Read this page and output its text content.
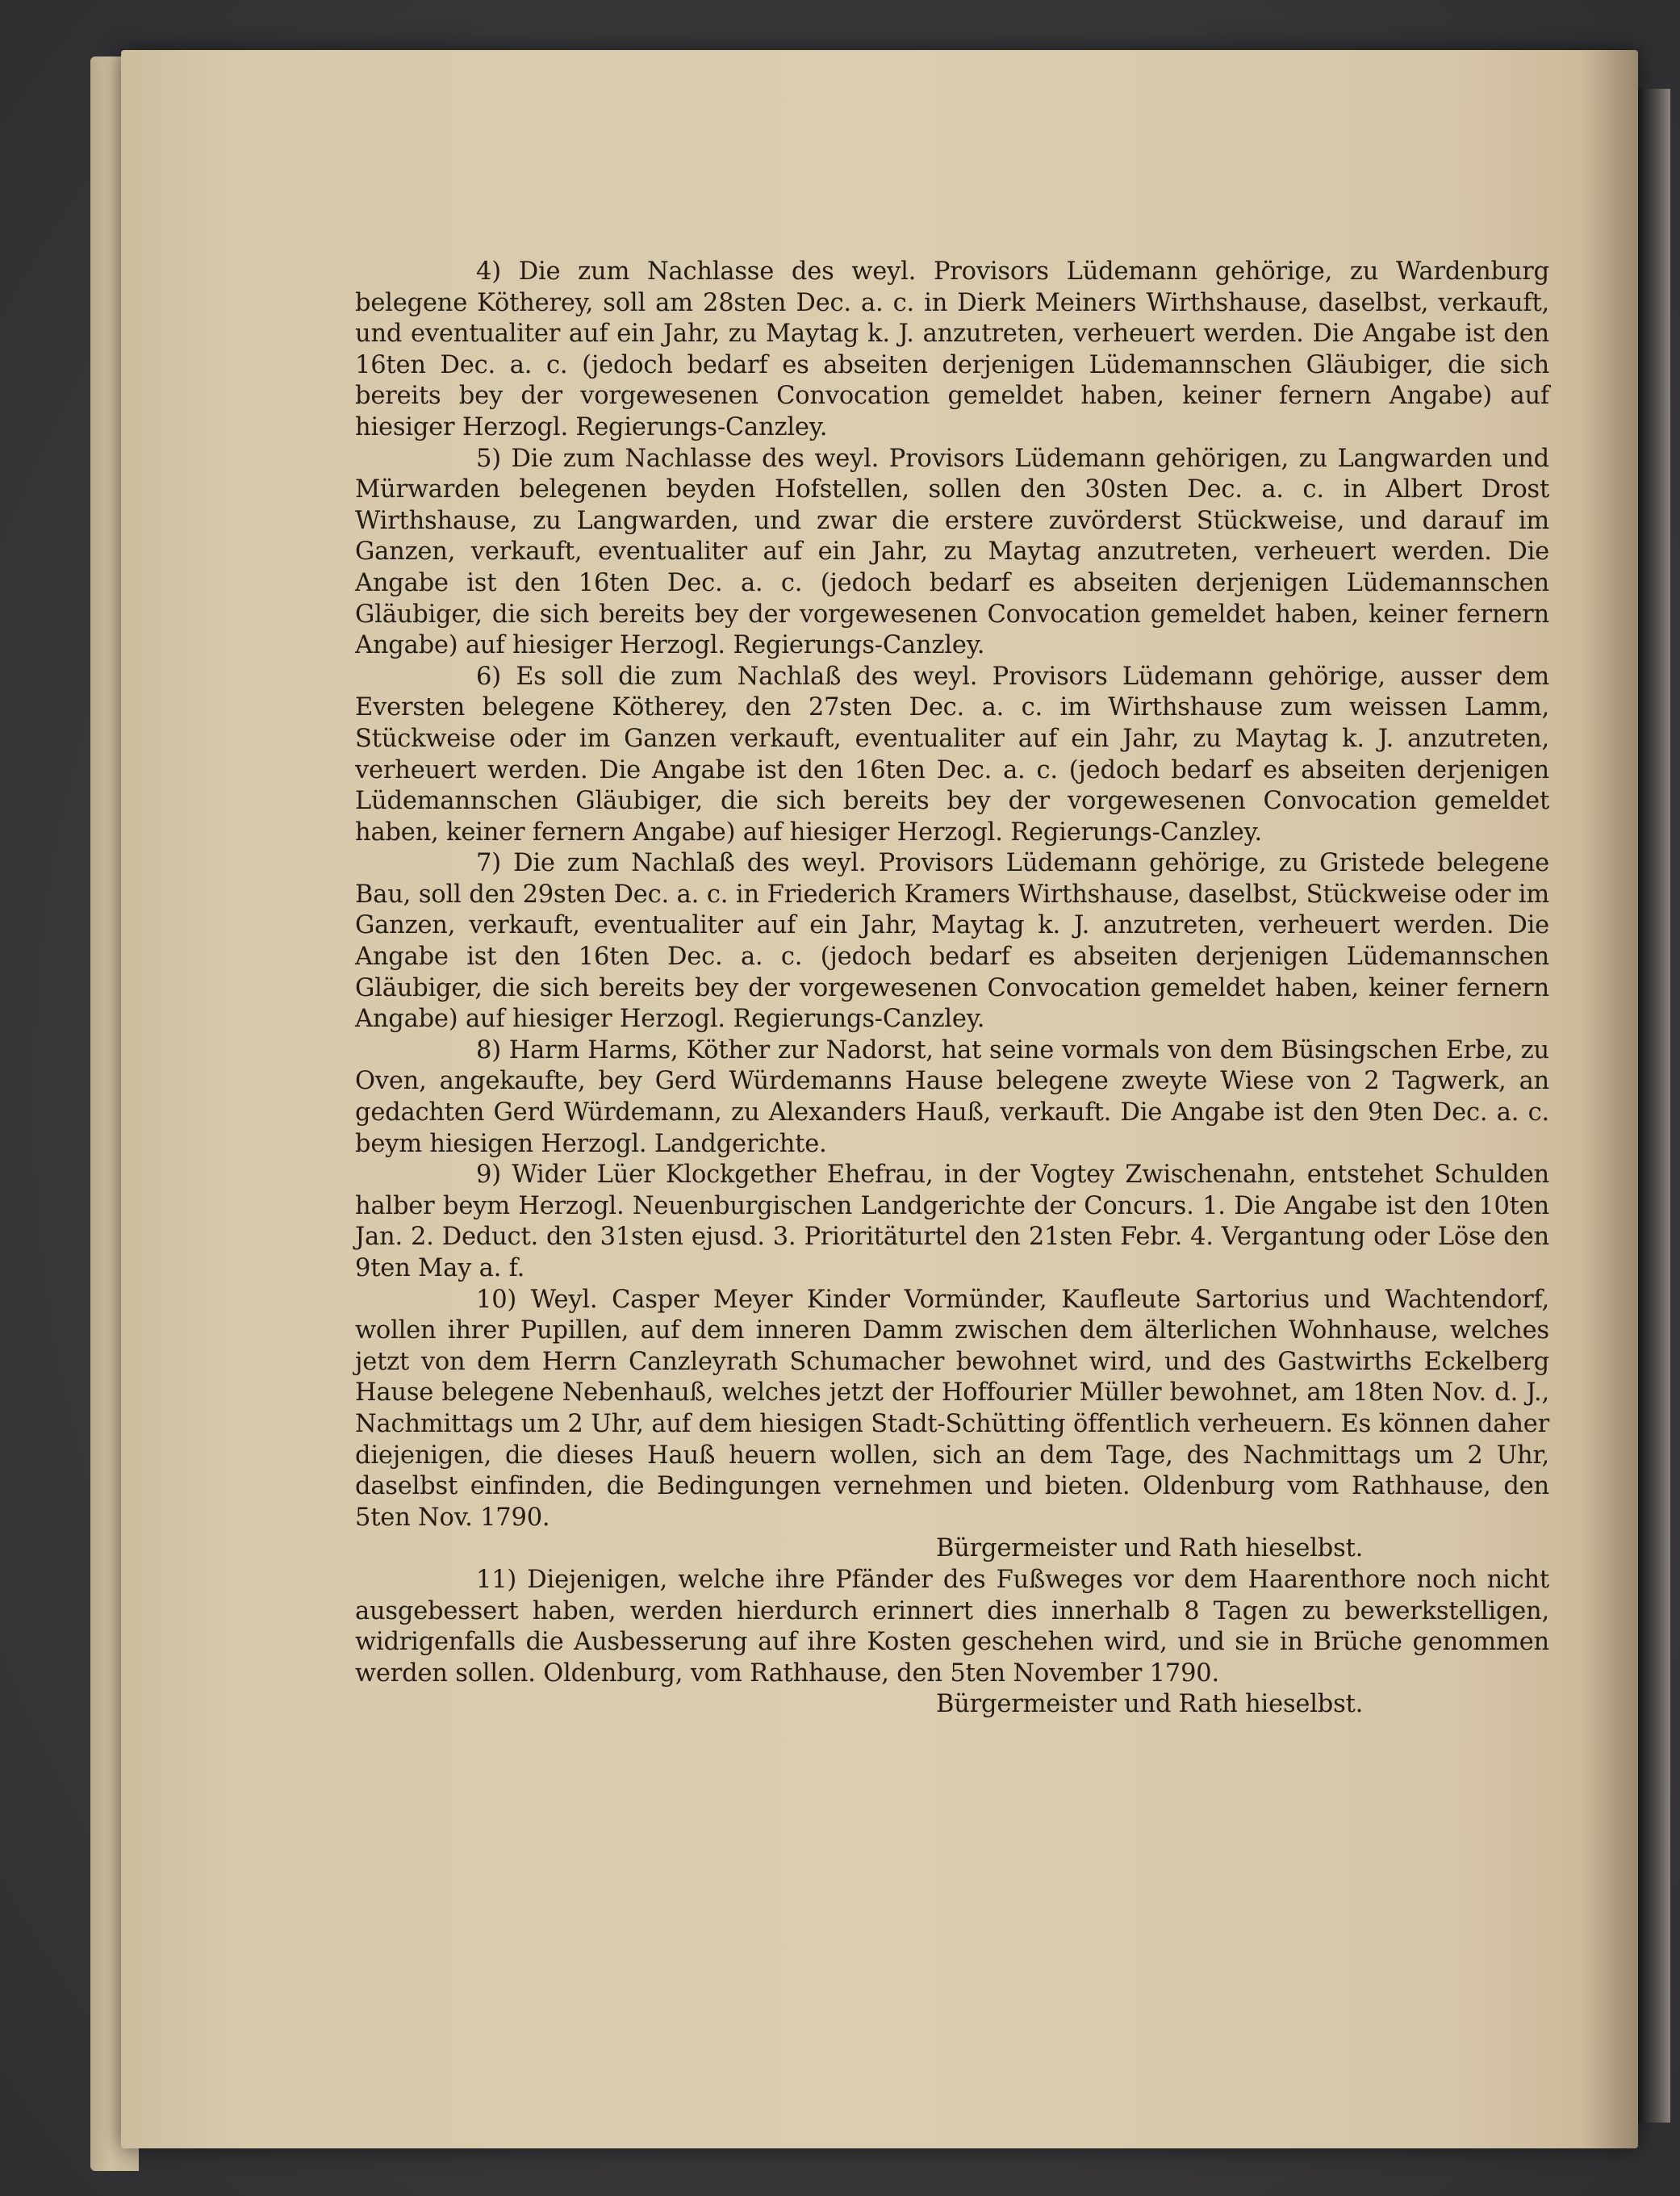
4) Die zum Nachlasse des weyl. Provisors Lüdemann gehörige, zu Wardenburg belegene Kötherey, soll am 28sten Dec. a. c. in Dierk Meiners Wirthshause, daselbst, verkauft, und eventualiter auf ein Jahr, zu Maytag k. J. anzutreten, verheuert werden. Die Angabe ist den 16ten Dec. a. c. (jedoch bedarf es abseiten derjenigen Lüdemannschen Gläubiger, die sich bereits bey der vorgewesenen Convocation gemeldet haben, keiner fernern Angabe) auf hiesiger Herzogl. Regierungs-Canzley.

5) Die zum Nachlasse des weyl. Provisors Lüdemann gehörigen, zu Langwarden und Mürwarden belegenen beyden Hofstellen, sollen den 30sten Dec. a. c. in Albert Drost Wirthshause, zu Langwarden, und zwar die erstere zuvörderst Stückweise, und darauf im Ganzen, verkauft, eventualiter auf ein Jahr, zu Maytag anzutreten, verheuert werden. Die Angabe ist den 16ten Dec. a. c. (jedoch bedarf es abseiten derjenigen Lüdemannschen Gläubiger, die sich bereits bey der vorgewesenen Convocation gemeldet haben, keiner fernern Angabe) auf hiesiger Herzogl. Regierungs-Canzley.

6) Es soll die zum Nachlaß des weyl. Provisors Lüdemann gehörige, ausser dem Eversten belegene Kötherey, den 27sten Dec. a. c. im Wirthshause zum weissen Lamm, Stückweise oder im Ganzen verkauft, eventualiter auf ein Jahr, zu Maytag k. J. anzutreten, verheuert werden. Die Angabe ist den 16ten Dec. a. c. (jedoch bedarf es abseiten derjenigen Lüdemannschen Gläubiger, die sich bereits bey der vorgewesenen Convocation gemeldet haben, keiner fernern Angabe) auf hiesiger Herzogl. Regierungs-Canzley.

7) Die zum Nachlaß des weyl. Provisors Lüdemann gehörige, zu Gristede belegene Bau, soll den 29sten Dec. a. c. in Friederich Kramers Wirthshause, daselbst, Stückweise oder im Ganzen, verkauft, eventualiter auf ein Jahr, Maytag k. J. anzutreten, verheuert werden. Die Angabe ist den 16ten Dec. a. c. (jedoch bedarf es abseiten derjenigen Lüdemannschen Gläubiger, die sich bereits bey der vorgewesenen Convocation gemeldet haben, keiner fernern Angabe) auf hiesiger Herzogl. Regierungs-Canzley.

8) Harm Harms, Köther zur Nadorst, hat seine vormals von dem Büsingschen Erbe, zu Oven, angekaufte, bey Gerd Würdemanns Hause belegene zweyte Wiese von 2 Tagwerk, an gedachten Gerd Würdemann, zu Alexanders Hauß, verkauft. Die Angabe ist den 9ten Dec. a. c. beym hiesigen Herzogl. Landgerichte.

9) Wider Lüer Klockgether Ehefrau, in der Vogtey Zwischenahn, entstehet Schulden halber beym Herzogl. Neuenburgischen Landgerichte der Concurs. 1. Die Angabe ist den 10ten Jan. 2. Deduct. den 31sten ejusd. 3. Prioritäturtel den 21sten Febr. 4. Vergantung oder Löse den 9ten May a. f.

10) Weyl. Casper Meyer Kinder Vormünder, Kaufleute Sartorius und Wachtendorf, wollen ihrer Pupillen, auf dem inneren Damm zwischen dem älterlichen Wohnhause, welches jetzt von dem Herrn Canzleyrath Schumacher bewohnet wird, und des Gastwirths Eckelberg Hause belegene Nebenhauß, welches jetzt der Hoffourier Müller bewohnet, am 18ten Nov. d. J., Nachmittags um 2 Uhr, auf dem hiesigen Stadt-Schütting öffentlich verheuern. Es können daher diejenigen, die dieses Hauß heuern wollen, sich an dem Tage, des Nachmittags um 2 Uhr, daselbst einfinden, die Bedingungen vernehmen und bieten. Oldenburg vom Rathhause, den 5ten Nov. 1790.

Bürgermeister und Rath hieselbst.

11) Diejenigen, welche ihre Pfänder des Fußweges vor dem Haarenthore noch nicht ausgebessert haben, werden hierdurch erinnert dies innerhalb 8 Tagen zu bewerkstelligen, widrigenfalls die Ausbesserung auf ihre Kosten geschehen wird, und sie in Brüche genommen werden sollen. Oldenburg, vom Rathhause, den 5ten November 1790.

Bürgermeister und Rath hieselbst.
